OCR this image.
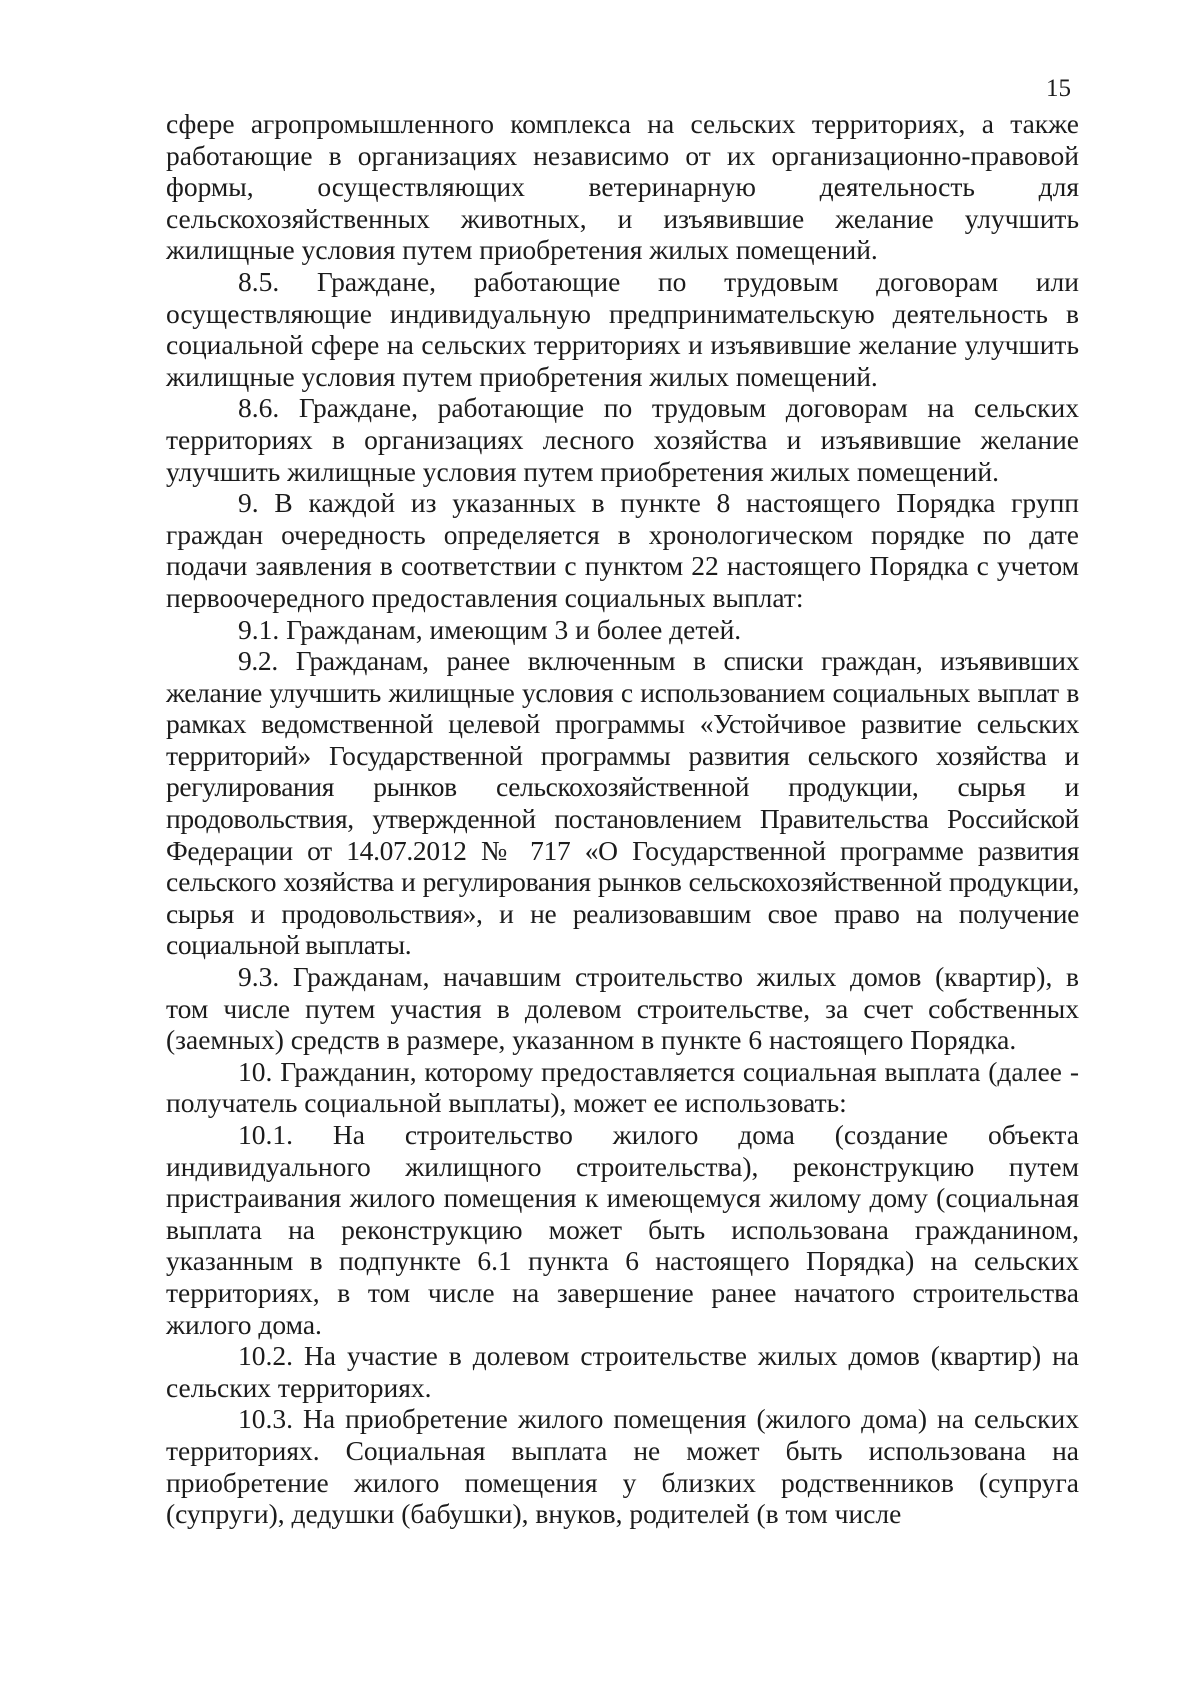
15

сфере агропромышленного комплекса на сельских территориях, а также работающие в организациях независимо от их организационно-правовой формы, осуществляющих ветеринарную деятельность для сельскохозяйственных животных, и изъявившие желание улучшить жилищные условия путем приобретения жилых помещений.

8.5. Граждане, работающие по трудовым договорам или осуществляющие индивидуальную предпринимательскую деятельность в социальной сфере на сельских территориях и изъявившие желание улучшить жилищные условия путем приобретения жилых помещений.

8.6. Граждане, работающие по трудовым договорам на сельских территориях в организациях лесного хозяйства и изъявившие желание улучшить жилищные условия путем приобретения жилых помещений.

9. В каждой из указанных в пункте 8 настоящего Порядка групп граждан очередность определяется в хронологическом порядке по дате подачи заявления в соответствии с пунктом 22 настоящего Порядка с учетом первоочередного предоставления социальных выплат:

9.1. Гражданам, имеющим 3 и более детей.

9.2. Гражданам, ранее включенным в списки граждан, изъявивших желание улучшить жилищные условия с использованием социальных выплат в рамках ведомственной целевой программы «Устойчивое развитие сельских территорий» Государственной программы развития сельского хозяйства и регулирования рынков сельскохозяйственной продукции, сырья и продовольствия, утвержденной постановлением Правительства Российской Федерации от 14.07.2012 № 717 «О Государственной программе развития сельского хозяйства и регулирования рынков сельскохозяйственной продукции, сырья и продовольствия», и не реализовавшим свое право на получение социальной выплаты.

9.3. Гражданам, начавшим строительство жилых домов (квартир), в том числе путем участия в долевом строительстве, за счет собственных (заемных) средств в размере, указанном в пункте 6 настоящего Порядка.

10. Гражданин, которому предоставляется социальная выплата (далее - получатель социальной выплаты), может ее использовать:

10.1. На строительство жилого дома (создание объекта индивидуального жилищного строительства), реконструкцию путем пристраивания жилого помещения к имеющемуся жилому дому (социальная выплата на реконструкцию может быть использована гражданином, указанным в подпункте 6.1 пункта 6 настоящего Порядка) на сельских территориях, в том числе на завершение ранее начатого строительства жилого дома.

10.2. На участие в долевом строительстве жилых домов (квартир) на сельских территориях.

10.3. На приобретение жилого помещения (жилого дома) на сельских территориях. Социальная выплата не может быть использована на приобретение жилого помещения у близких родственников (супруга (супруги), дедушки (бабушки), внуков, родителей (в том числе
